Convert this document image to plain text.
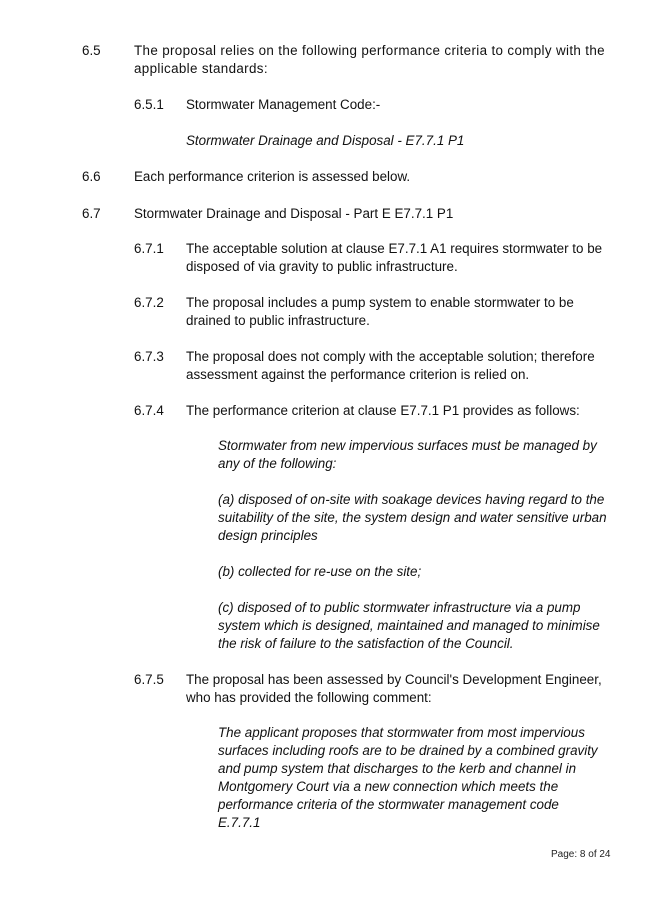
6.5 The proposal relies on the following performance criteria to comply with the applicable standards:
6.5.1 Stormwater Management Code:-
Stormwater Drainage and Disposal - E7.7.1 P1
6.6 Each performance criterion is assessed below.
6.7 Stormwater Drainage and Disposal - Part E E7.7.1 P1
6.7.1 The acceptable solution at clause E7.7.1 A1 requires stormwater to be disposed of via gravity to public infrastructure.
6.7.2 The proposal includes a pump system to enable stormwater to be drained to public infrastructure.
6.7.3 The proposal does not comply with the acceptable solution; therefore assessment against the performance criterion is relied on.
6.7.4 The performance criterion at clause E7.7.1 P1 provides as follows:
Stormwater from new impervious surfaces must be managed by any of the following:
(a) disposed of on-site with soakage devices having regard to the suitability of the site, the system design and water sensitive urban design principles
(b) collected for re-use on the site;
(c) disposed of to public stormwater infrastructure via a pump system which is designed, maintained and managed to minimise the risk of failure to the satisfaction of the Council.
6.7.5 The proposal has been assessed by Council's Development Engineer, who has provided the following comment:
The applicant proposes that stormwater from most impervious surfaces including roofs are to be drained by a combined gravity and pump system that discharges to the kerb and channel in Montgomery Court via a new connection which meets the performance criteria of the stormwater management code E.7.7.1
Page: 8 of 24
